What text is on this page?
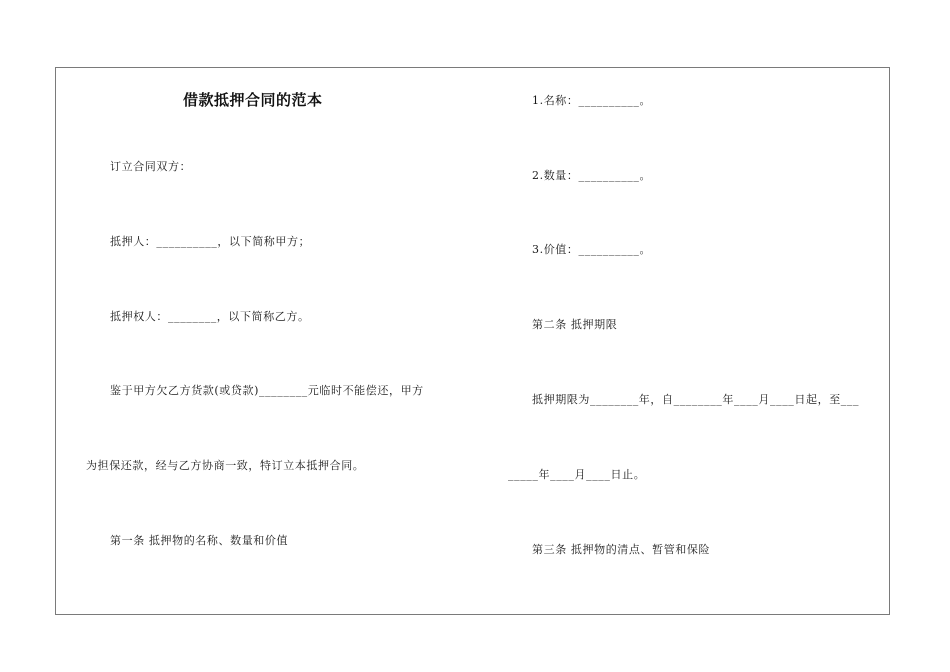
借款抵押合同的范本
订立合同双方：
抵押人：__________，以下简称甲方；
抵押权人：________，以下简称乙方。
鉴于甲方欠乙方货款(或贷款)________元临时不能偿还，甲方
为担保还款，经与乙方协商一致，特订立本抵押合同。
第一条 抵押物的名称、数量和价值
1.名称：__________。
2.数量：__________。
3.价值：__________。
第二条 抵押期限
抵押期限为________年，自________年____月____日起，至___
_____年____月____日止。
第三条 抵押物的清点、暂管和保险
